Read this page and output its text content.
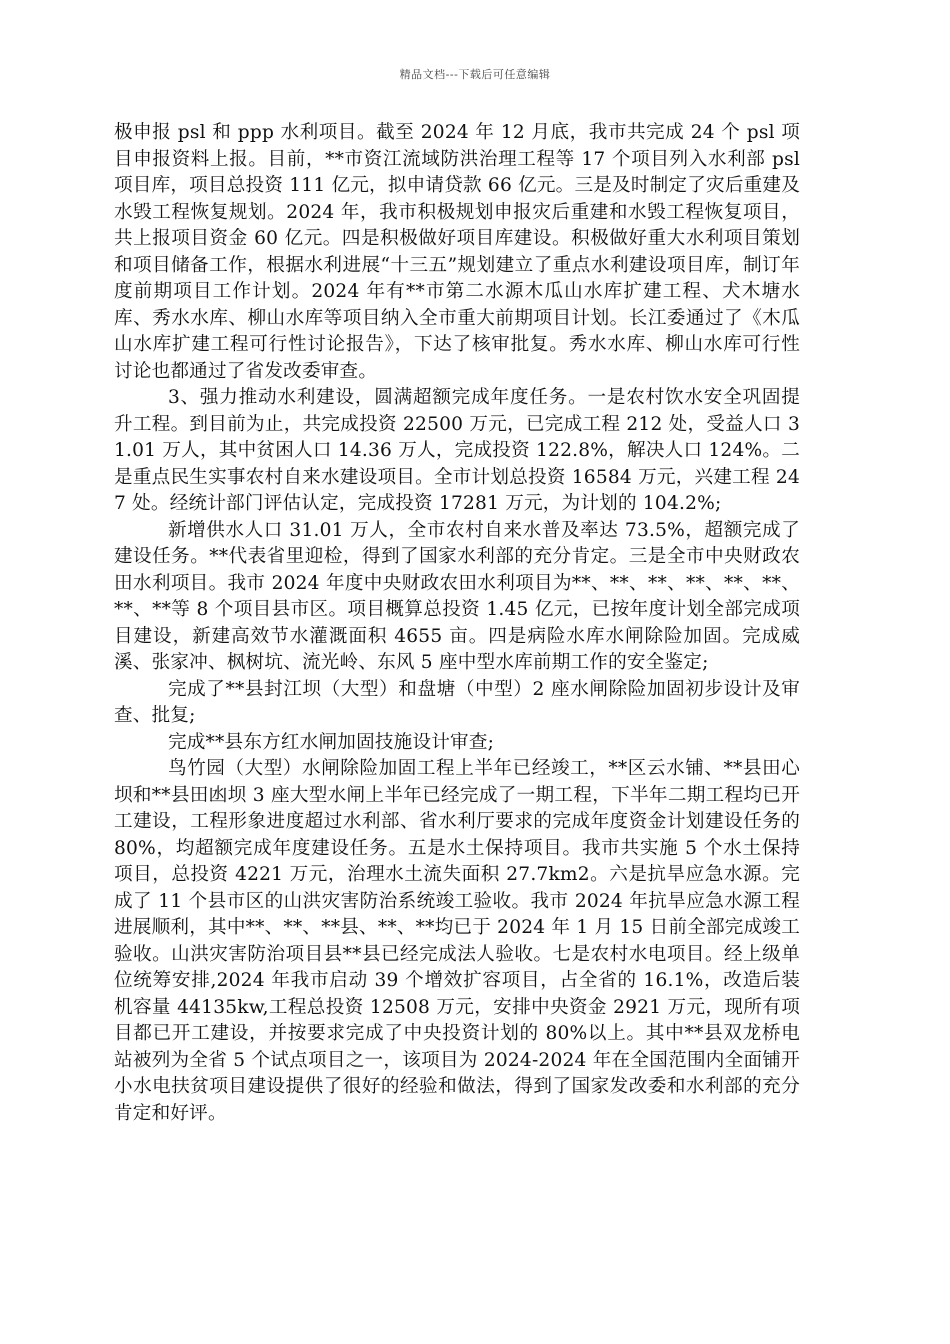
精品文档---下载后可任意编辑

极申报 psl 和 ppp 水利项目。截至 2024 年 12 月底，我市共完成 24 个 psl 项目申报资料上报。目前，**市资江流域防洪治理工程等 17 个项目列入水利部 psl 项目库，项目总投资 111 亿元，拟申请贷款 66 亿元。三是及时制定了灾后重建及水毁工程恢复规划。2024 年，我市积极规划申报灾后重建和水毁工程恢复项目，共上报项目资金 60 亿元。四是积极做好项目库建设。积极做好重大水利项目策划和项目储备工作，根据水利进展“十三五”规划建立了重点水利建设项目库，制订年度前期项目工作计划。2024 年有**市第二水源木瓜山水库扩建工程、犬木塘水库、秀水水库、柳山水库等项目纳入全市重大前期项目计划。长江委通过了《木瓜山水库扩建工程可行性讨论报告》，下达了核审批复。秀水水库、柳山水库可行性讨论也都通过了省发改委审查。

3、强力推动水利建设，圆满超额完成年度任务。一是农村饮水安全巩固提升工程。到目前为止，共完成投资 22500 万元，已完成工程 212 处，受益人口 31.01 万人，其中贫困人口 14.36 万人，完成投资 122.8%，解决人口 124%。二是重点民生实事农村自来水建设项目。全市计划总投资 16584 万元，兴建工程 247 处。经统计部门评估认定，完成投资 17281 万元，为计划的 104.2%;

新增供水人口 31.01 万人，全市农村自来水普及率达 73.5%，超额完成了建设任务。**代表省里迎检，得到了国家水利部的充分肯定。三是全市中央财政农田水利项目。我市 2024 年度中央财政农田水利项目为**、**、**、**、**、**、**、**等 8 个项目县市区。项目概算总投资 1.45 亿元，已按年度计划全部完成项目建设，新建高效节水灌溉面积 4655 亩。四是病险水库水闸除险加固。完成威溪、张家冲、枫树坑、流光岭、东风 5 座中型水库前期工作的安全鉴定;

完成了**县封江坝（大型）和盘塘（中型）2 座水闸除险加固初步设计及审查、批复;

完成**县东方红水闸加固技施设计审查;

鸟竹园（大型）水闸除险加固工程上半年已经竣工，**区云水铺、**县田心坝和**县田凼坝 3 座大型水闸上半年已经完成了一期工程，下半年二期工程均已开工建设，工程形象进度超过水利部、省水利厅要求的完成年度资金计划建设任务的 80%，均超额完成年度建设任务。五是水土保持项目。我市共实施 5 个水土保持项目，总投资 4221 万元，治理水土流失面积 27.7km2。六是抗旱应急水源。完成了 11 个县市区的山洪灾害防治系统竣工验收。我市 2024 年抗旱应急水源工程进展顺利，其中**、**、**县、**、**均已于 2024 年 1 月 15 日前全部完成竣工验收。山洪灾害防治项目县**县已经完成法人验收。七是农村水电项目。经上级单位统筹安排,2024 年我市启动 39 个增效扩容项目，占全省的 16.1%，改造后装机容量 44135kw,工程总投资 12508 万元，安排中央资金 2921 万元，现所有项目都已开工建设，并按要求完成了中央投资计划的 80%以上。其中**县双龙桥电站被列为全省 5 个试点项目之一，该项目为 2024-2024 年在全国范围内全面铺开小水电扶贫项目建设提供了很好的经验和做法，得到了国家发改委和水利部的充分肯定和好评。
